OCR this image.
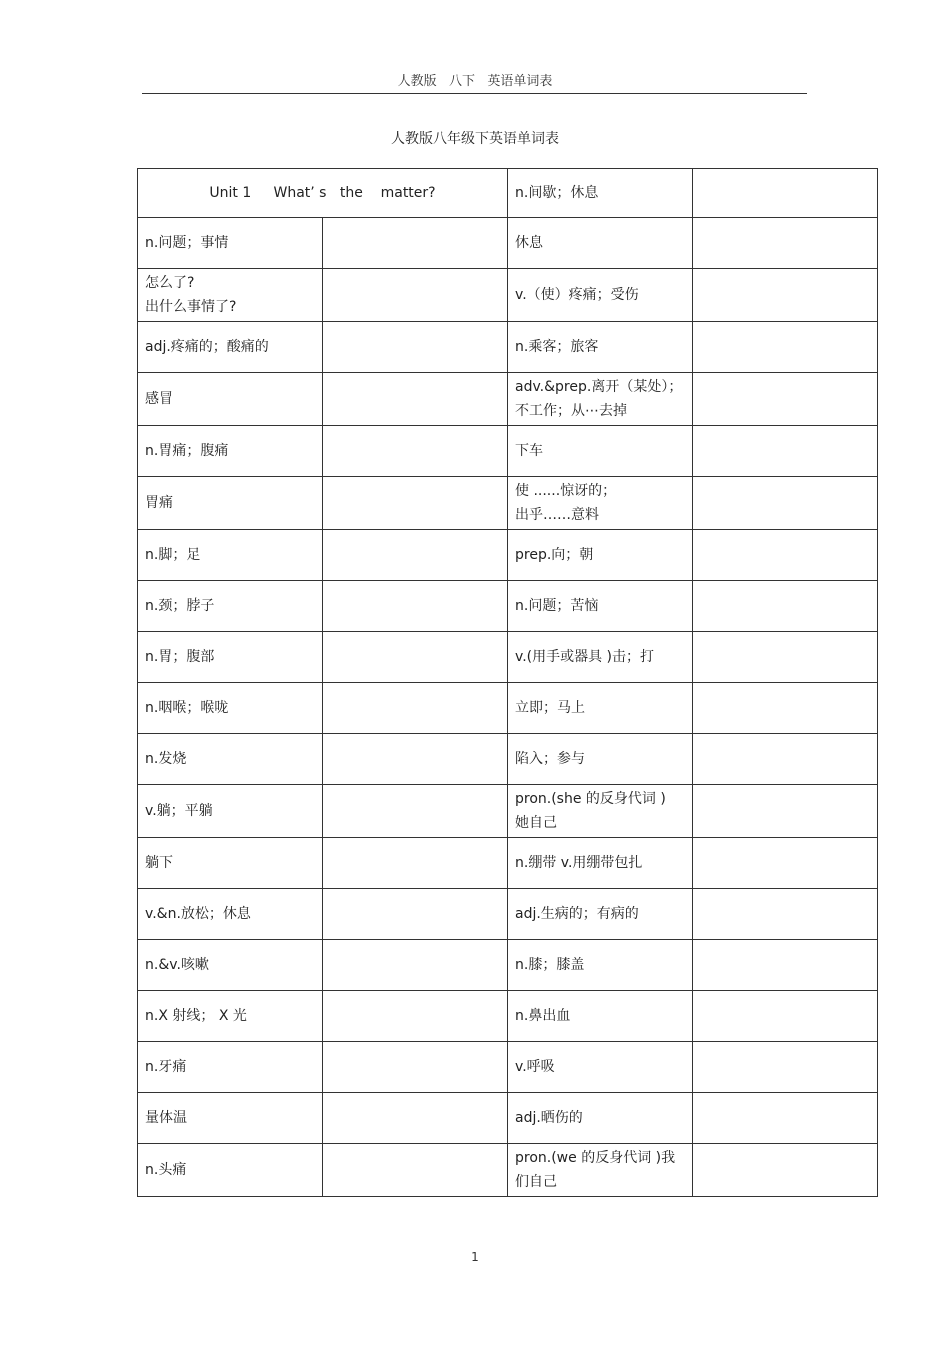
人教版   八下   英语单词表
人教版八年级下英语单词表
Unit 1     What’ s   the    matter?		n.间歇；休息	

n.问题；事情		休息	

怎么了?
出什么事情了?		v.（使）疼痛；受伤	

adj.疼痛的；酸痛的		n.乘客；旅客	

感冒		adv.&prep.离开（某处）；
不工作；从⋯去掉	

n.胃痛；腹痛		下车	

胃痛		使 ......惊讶的；
出乎……意料	

n.脚；足		prep.向；朝	

n.颈；脖子		n.问题；苦恼	

n.胃；腹部		v.(用手或器具 )击；打	

n.咽喉；喉咙		立即；马上	

n.发烧		陷入；参与	

v.躺；平躺		pron.(she 的反身代词 )
她自己	

躺下		n.绷带 v.用绷带包扎	

v.&n.放松；休息		adj.生病的；有病的	

n.&v.咳嗽		n.膝；膝盖	

n.X 射线； X 光		n.鼻出血	

n.牙痛		v.呼吸	

量体温		adj.晒伤的	

n.头痛		pron.(we 的反身代词 )我
们自己	

1
